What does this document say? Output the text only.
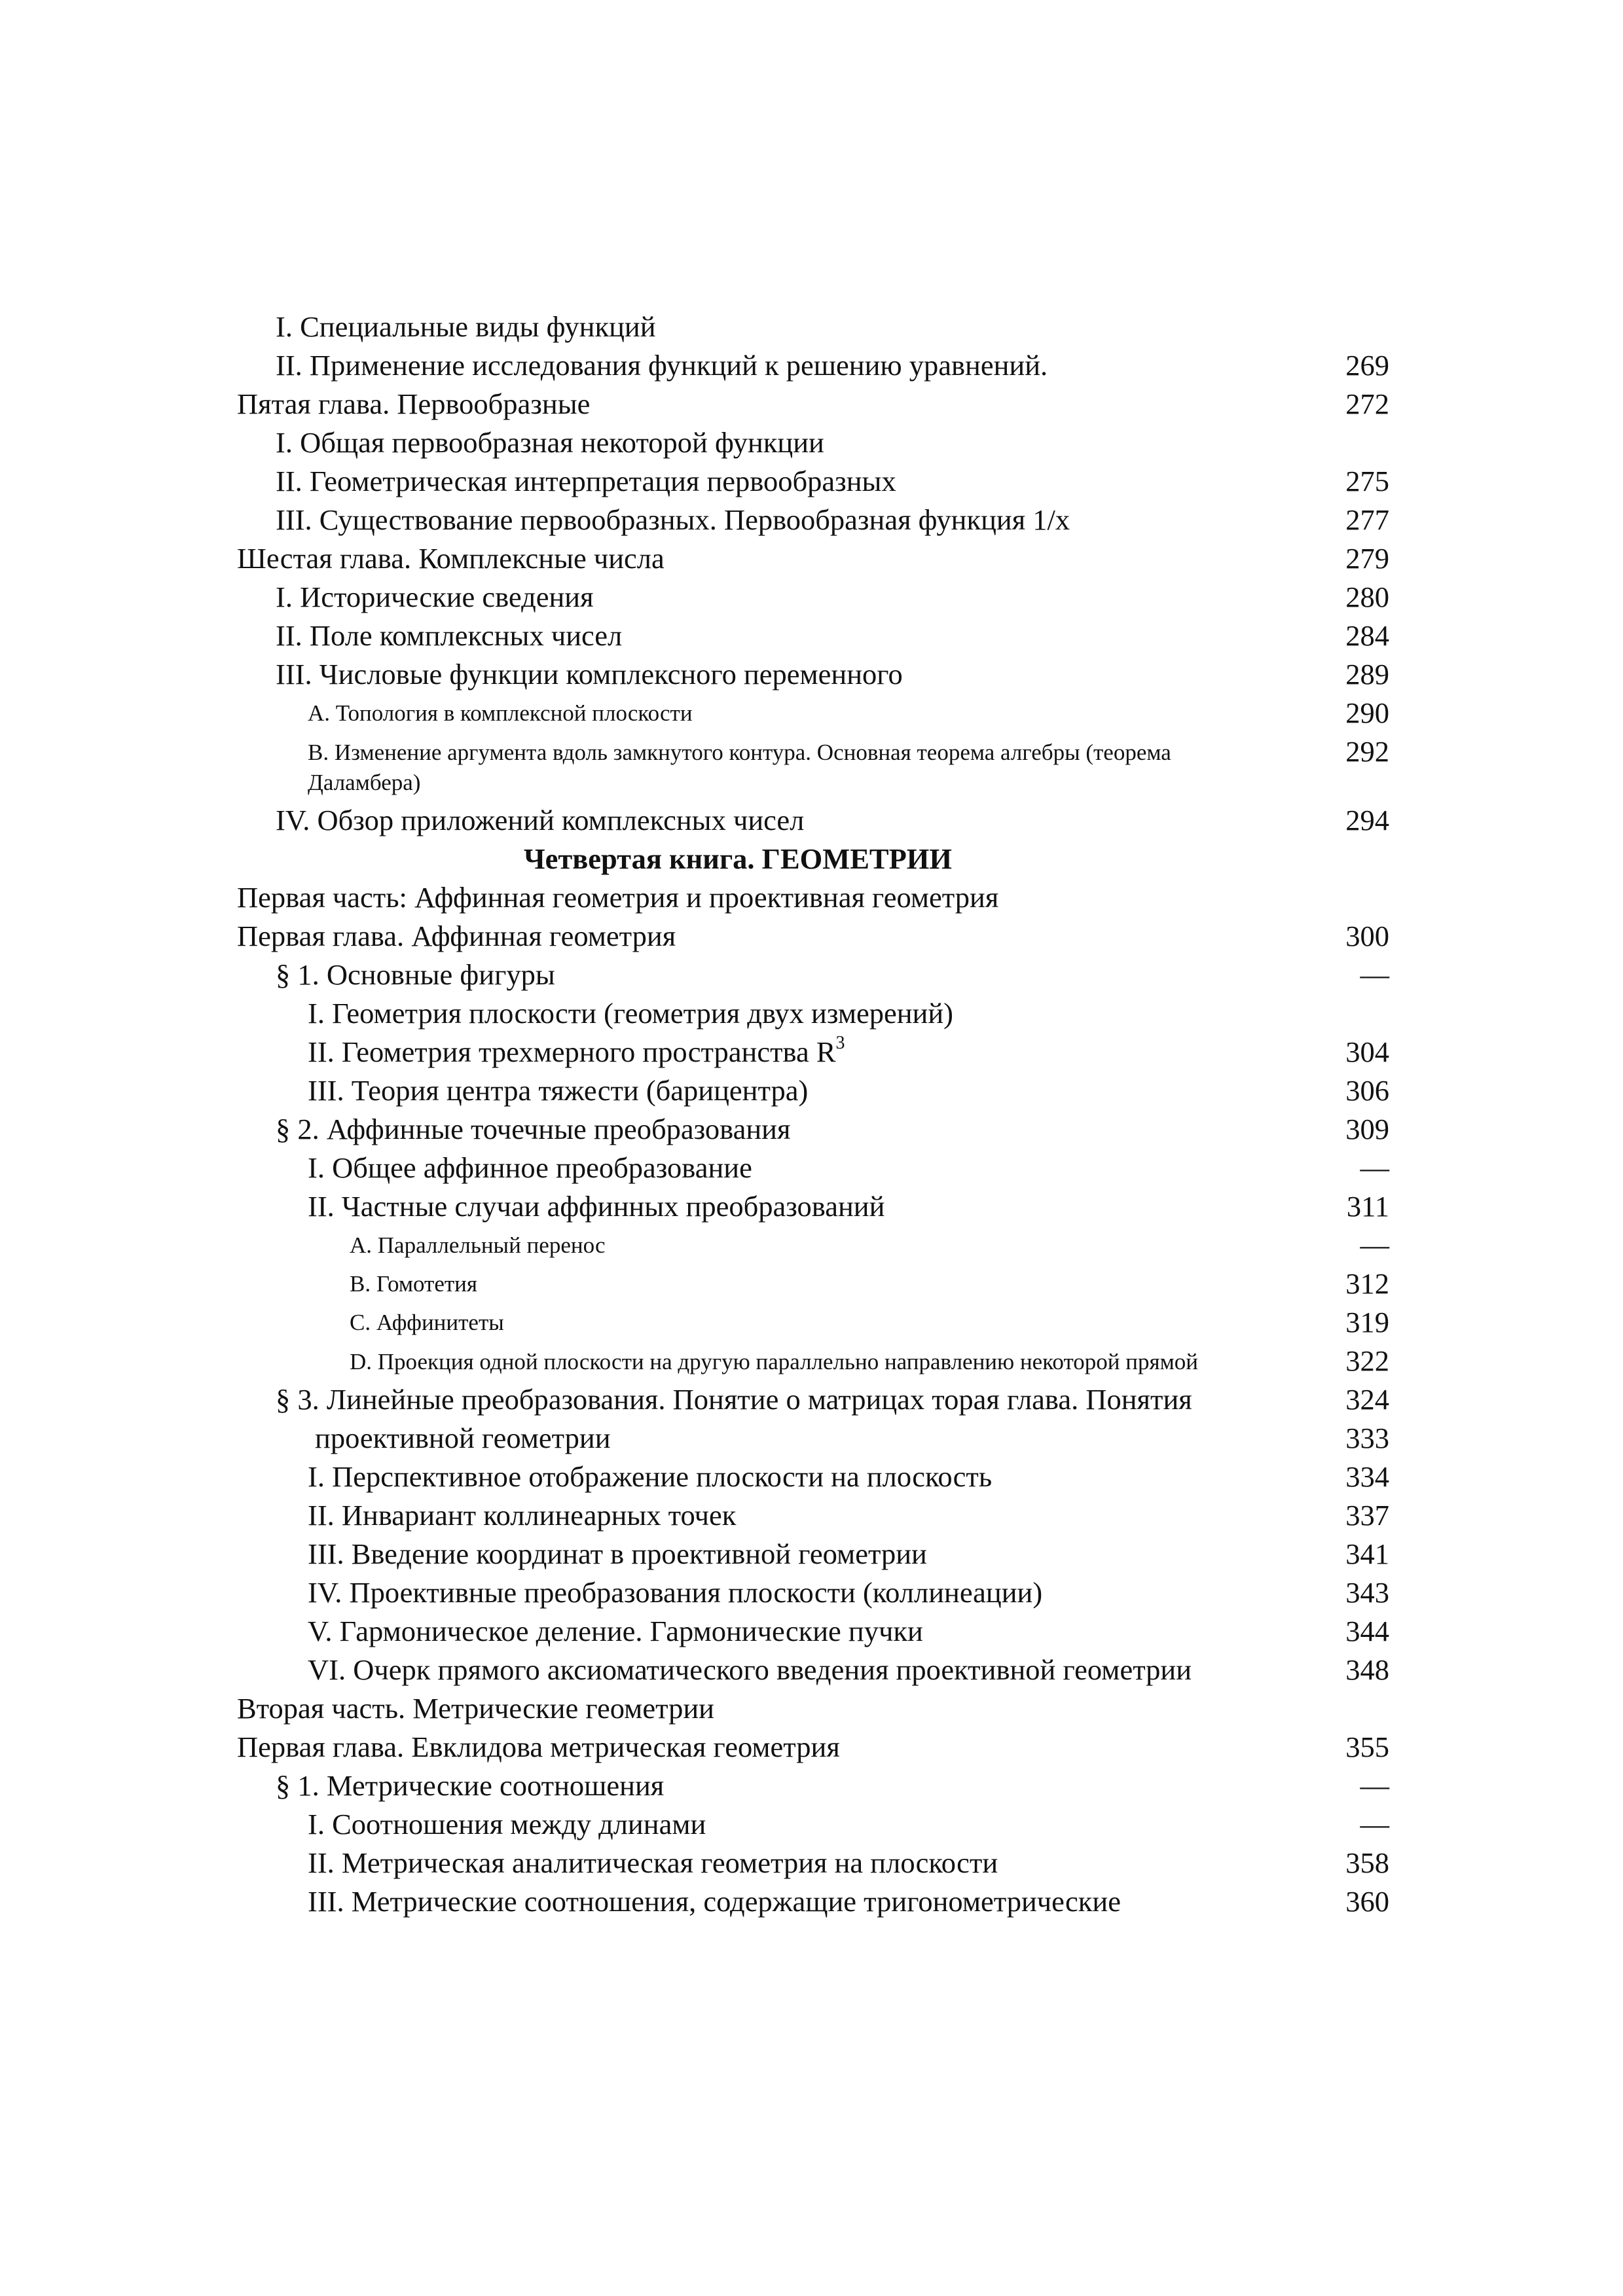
I. Специальные виды функций
II. Применение исследования функций к решению уравнений.	269
Пятая глава. Первообразные	272
I. Общая первообразная некоторой функции
II. Геометрическая интерпретация первообразных	275
III. Существование первообразных. Первообразная функция 1/x	277
Шестая глава. Комплексные числа	279
I. Исторические сведения	280
II. Поле комплексных чисел	284
III. Числовые функции комплексного переменного	289
A. Топология в комплексной плоскости	290
B. Изменение аргумента вдоль замкнутого контура. Основная теорема алгебры (теорема Даламбера)
292
IV. Обзор приложений комплексных чисел	294
Четвертая книга. ГЕОМЕТРИИ
Первая часть: Аффинная геометрия и проективная геометрия
Первая глава. Аффинная геометрия	300
§ 1. Основные фигуры	—
I. Геометрия плоскости (геометрия двух измерений)
II. Геометрия трехмерного пространства $R^3$	304
III. Теория центра тяжести (барицентра)	306
§ 2. Аффинные точечные преобразования	309
I. Общее аффинное преобразование	—
II. Частные случаи аффинных преобразований	311
A. Параллельный перенос	—
B. Гомотетия	312
C. Аффинитеты	319
D. Проекция одной плоскости на другую параллельно направлению некоторой прямой	322
§ 3. Линейные преобразования. Понятие о матрицах торая глава. Понятия	324
проективной геометрии	333
I. Перспективное отображение плоскости на плоскость	334
II. Инвариант коллинеарных точек	337
III. Введение координат в проективной геометрии	341
IV. Проективные преобразования плоскости (коллинеации)	343
V. Гармоническое деление. Гармонические пучки	344
VI. Очерк прямого аксиоматического введения проективной геометрии	348
Вторая часть. Метрические геометрии
Первая глава. Евклидова метрическая геометрия	355
§ 1. Метрические соотношения	—
I. Соотношения между длинами	—
II. Метрическая аналитическая геометрия на плоскости	358
III. Метрические соотношения, содержащие тригонометрические	360
